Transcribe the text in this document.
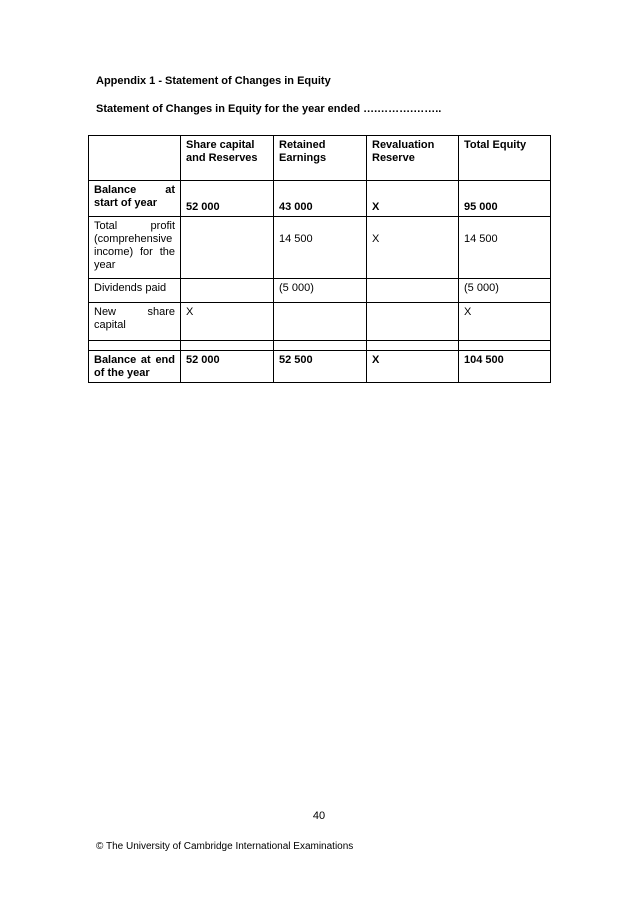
Appendix 1 - Statement of Changes in Equity
Statement of Changes in Equity for the year ended ….……….……..
	Share capital and Reserves	Retained Earnings	Revaluation Reserve	Total Equity

Balance at
start of year	52 000	43 000	X	95 000

Total profit
(comprehensive
income) for the
year		14 500	X	14 500
Dividends paid		(5 000)		(5 000)

New share
capital	X			X

Balance at end
of the year	52 000	52 500	X	104 500
40
© The University of Cambridge International Examinations
